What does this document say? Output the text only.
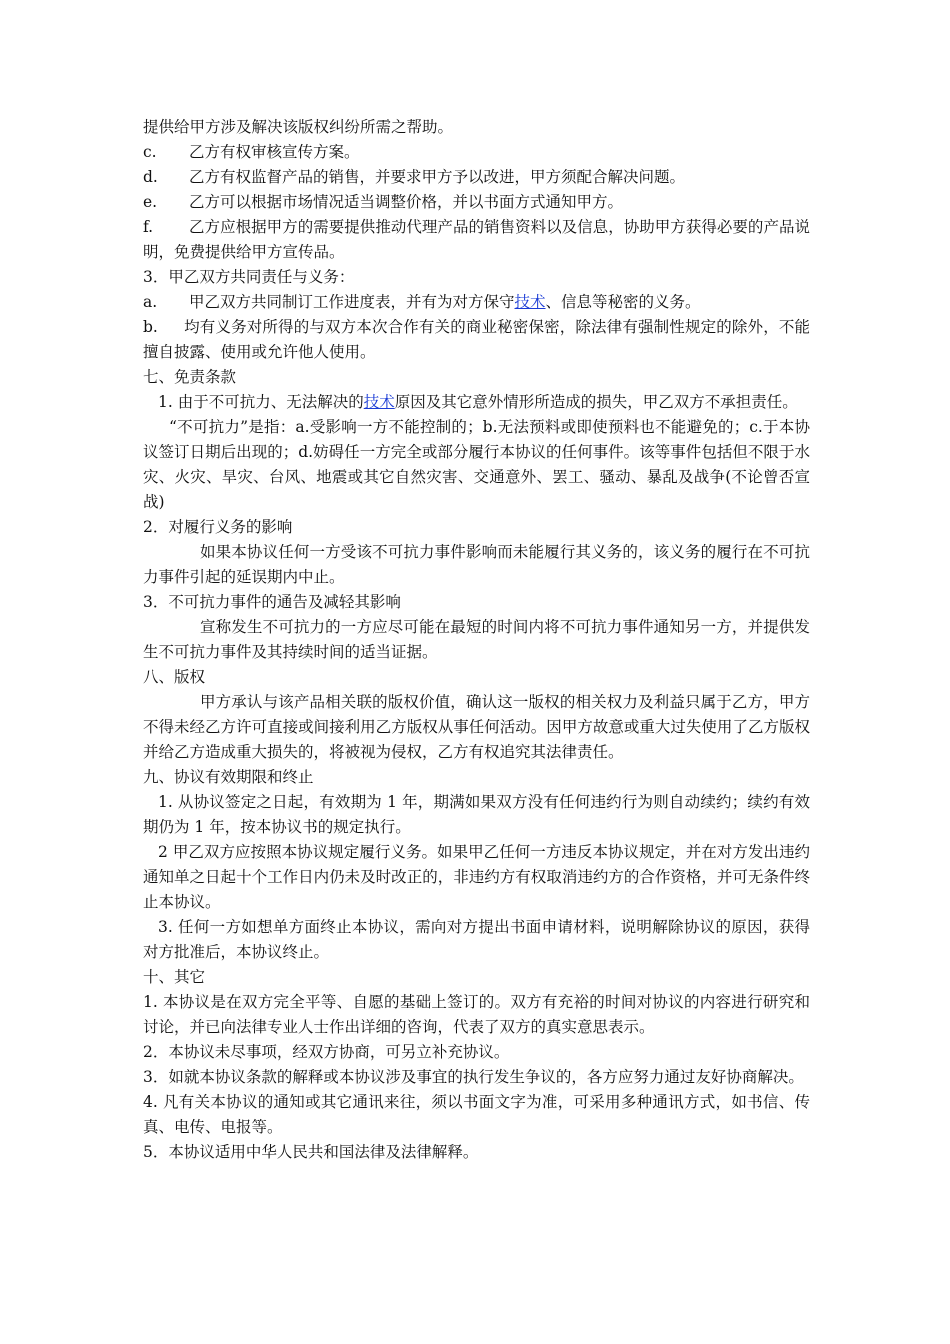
提供给甲方涉及解决该版权纠纷所需之帮助。

c. 乙方有权审核宣传方案。

d. 乙方有权监督产品的销售，并要求甲方予以改进，甲方须配合解决问题。

e. 乙方可以根据市场情况适当调整价格，并以书面方式通知甲方。

f. 乙方应根据甲方的需要提供推动代理产品的销售资料以及信息，协助甲方获得必要的产品说明，免费提供给甲方宣传品。

3．甲乙双方共同责任与义务：

a. 甲乙双方共同制订工作进度表，并有为对方保守技术、信息等秘密的义务。

b. 均有义务对所得的与双方本次合作有关的商业秘密保密，除法律有强制性规定的除外，不能擅自披露、使用或允许他人使用。

七、免责条款

1. 由于不可抗力、无法解决的技术原因及其它意外情形所造成的损失，甲乙双方不承担责任。

“不可抗力”是指：a.受影响一方不能控制的；b.无法预料或即使预料也不能避免的；c.于本协议签订日期后出现的；d.妨碍任一方完全或部分履行本协议的任何事件。该等事件包括但不限于水灾、火灾、旱灾、台风、地震或其它自然灾害、交通意外、罢工、骚动、暴乱及战争(不论曾否宣战)

2．对履行义务的影响

如果本协议任何一方受该不可抗力事件影响而未能履行其义务的，该义务的履行在不可抗力事件引起的延误期内中止。

3．不可抗力事件的通告及减轻其影响

宣称发生不可抗力的一方应尽可能在最短的时间内将不可抗力事件通知另一方，并提供发生不可抗力事件及其持续时间的适当证据。

八、版权

甲方承认与该产品相关联的版权价值，确认这一版权的相关权力及利益只属于乙方，甲方不得未经乙方许可直接或间接利用乙方版权从事任何活动。因甲方故意或重大过失使用了乙方版权并给乙方造成重大损失的，将被视为侵权，乙方有权追究其法律责任。

九、协议有效期限和终止

1. 从协议签定之日起，有效期为 1 年，期满如果双方没有任何违约行为则自动续约；续约有效期仍为 1 年，按本协议书的规定执行。

2 甲乙双方应按照本协议规定履行义务。如果甲乙任何一方违反本协议规定，并在对方发出违约通知单之日起十个工作日内仍未及时改正的，非违约方有权取消违约方的合作资格，并可无条件终止本协议。

3. 任何一方如想单方面终止本协议，需向对方提出书面申请材料，说明解除协议的原因，获得对方批准后，本协议终止。

十、其它

1. 本协议是在双方完全平等、自愿的基础上签订的。双方有充裕的时间对协议的内容进行研究和讨论，并已向法律专业人士作出详细的咨询，代表了双方的真实意思表示。

2．本协议未尽事项，经双方协商，可另立补充协议。

3．如就本协议条款的解释或本协议涉及事宜的执行发生争议的，各方应努力通过友好协商解决。

4. 凡有关本协议的通知或其它通讯来往，须以书面文字为准，可采用多种通讯方式，如书信、传真、电传、电报等。

5．本协议适用中华人民共和国法律及法律解释。
